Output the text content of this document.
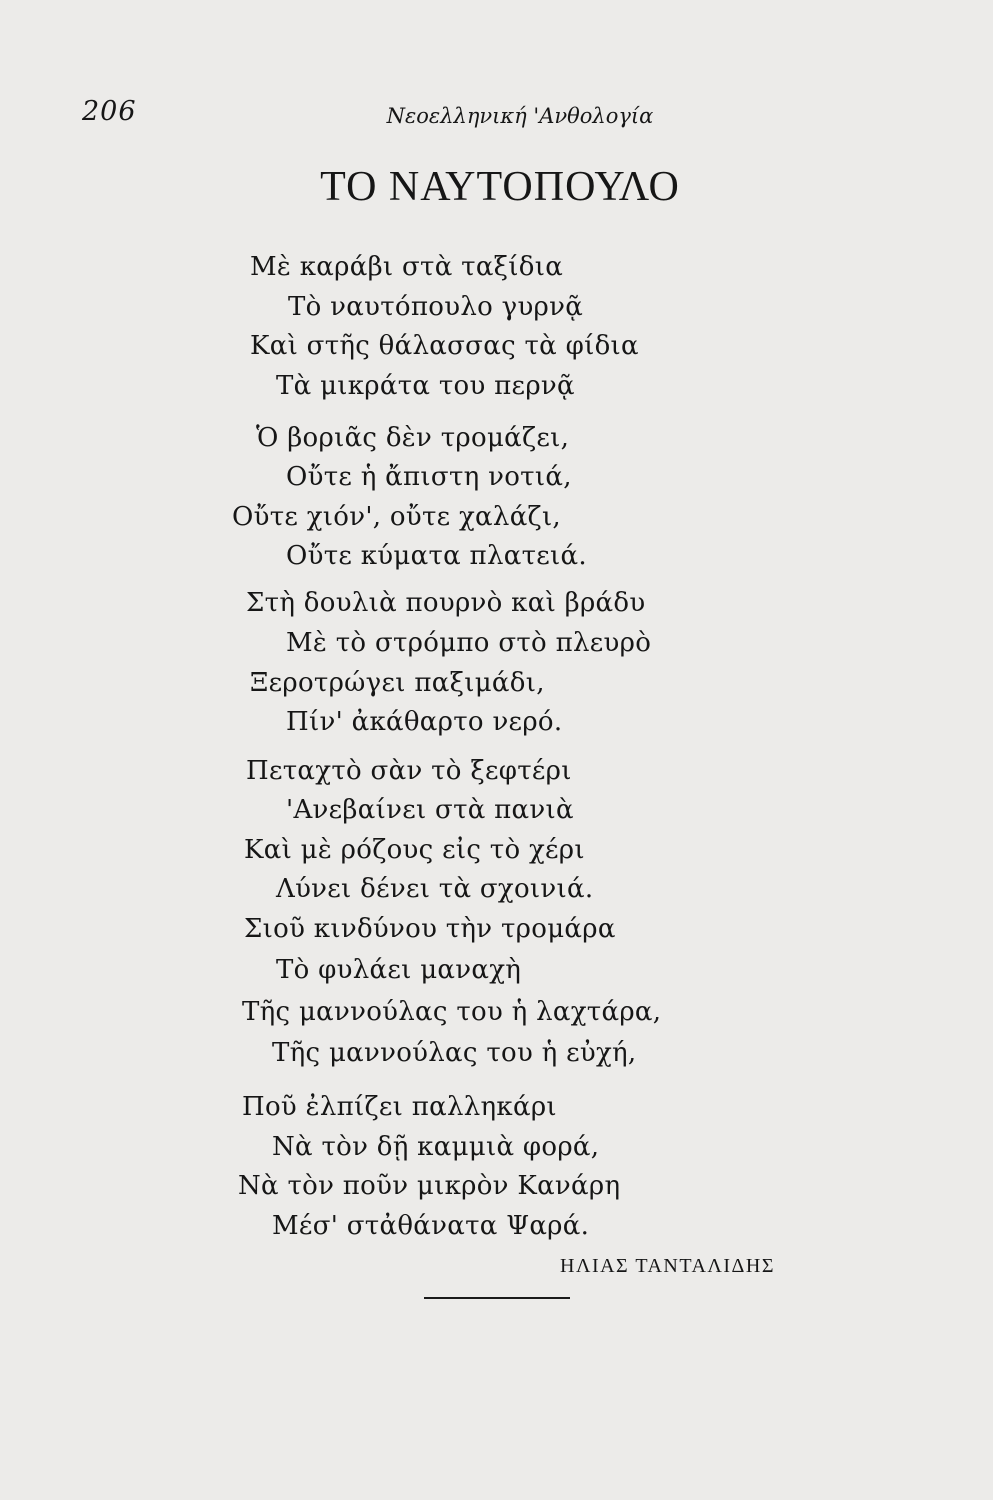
206	Νεοελληνική 'Ανθολογία
ΤΟ ΝΑΥΤΟΠΟΥΛΟ
Μὲ καράβι στὰ ταξίδια
Τὸ ναυτόπουλο γυρνᾷ
Καὶ στῆς θάλασσας τὰ φίδια
Τὰ μικράτα του περνᾷ
Ὁ βοριᾶς δὲν τρομάζει,
Οὔτε ἡ ἄπιστη νοτιά,
Οὔτε χιόν', οὔτε χαλάζι,
Οὔτε κύματα πλατειά.
Στὴ δουλιὰ πουρνὸ καὶ βράδυ
Μὲ τὸ στρόμπο στὸ πλευρὸ
Ξεροτρώγει παξιμάδι,
Πίν' ἀκάθαρτο νερό.
Πεταχτὸ σὰν τὸ ξεφτέρι
'Ανεβαίνει στὰ πανιὰ
Καὶ μὲ ρόζους εἰς τὸ χέρι
Λύνει δένει τὰ σχοινιά.
Σιοῦ κινδύνου τὴν τρομάρα
Τὸ φυλάει μαναχὴ
Τῆς μαννούλας του ἡ λαχτάρα,
Τῆς μαννούλας του ἡ εὐχή,
Ποῦ ἐλπίζει παλληκάρι
Νὰ τὸν δῇ καμμιὰ φορά,
Νὰ τὸν ποῦν μικρὸν Κανάρη
Μέσ' στἀθάνατα Ψαρά.
ΗΛΙΑΣ ΤΑΝΤΑΛΙΔΗΣ
